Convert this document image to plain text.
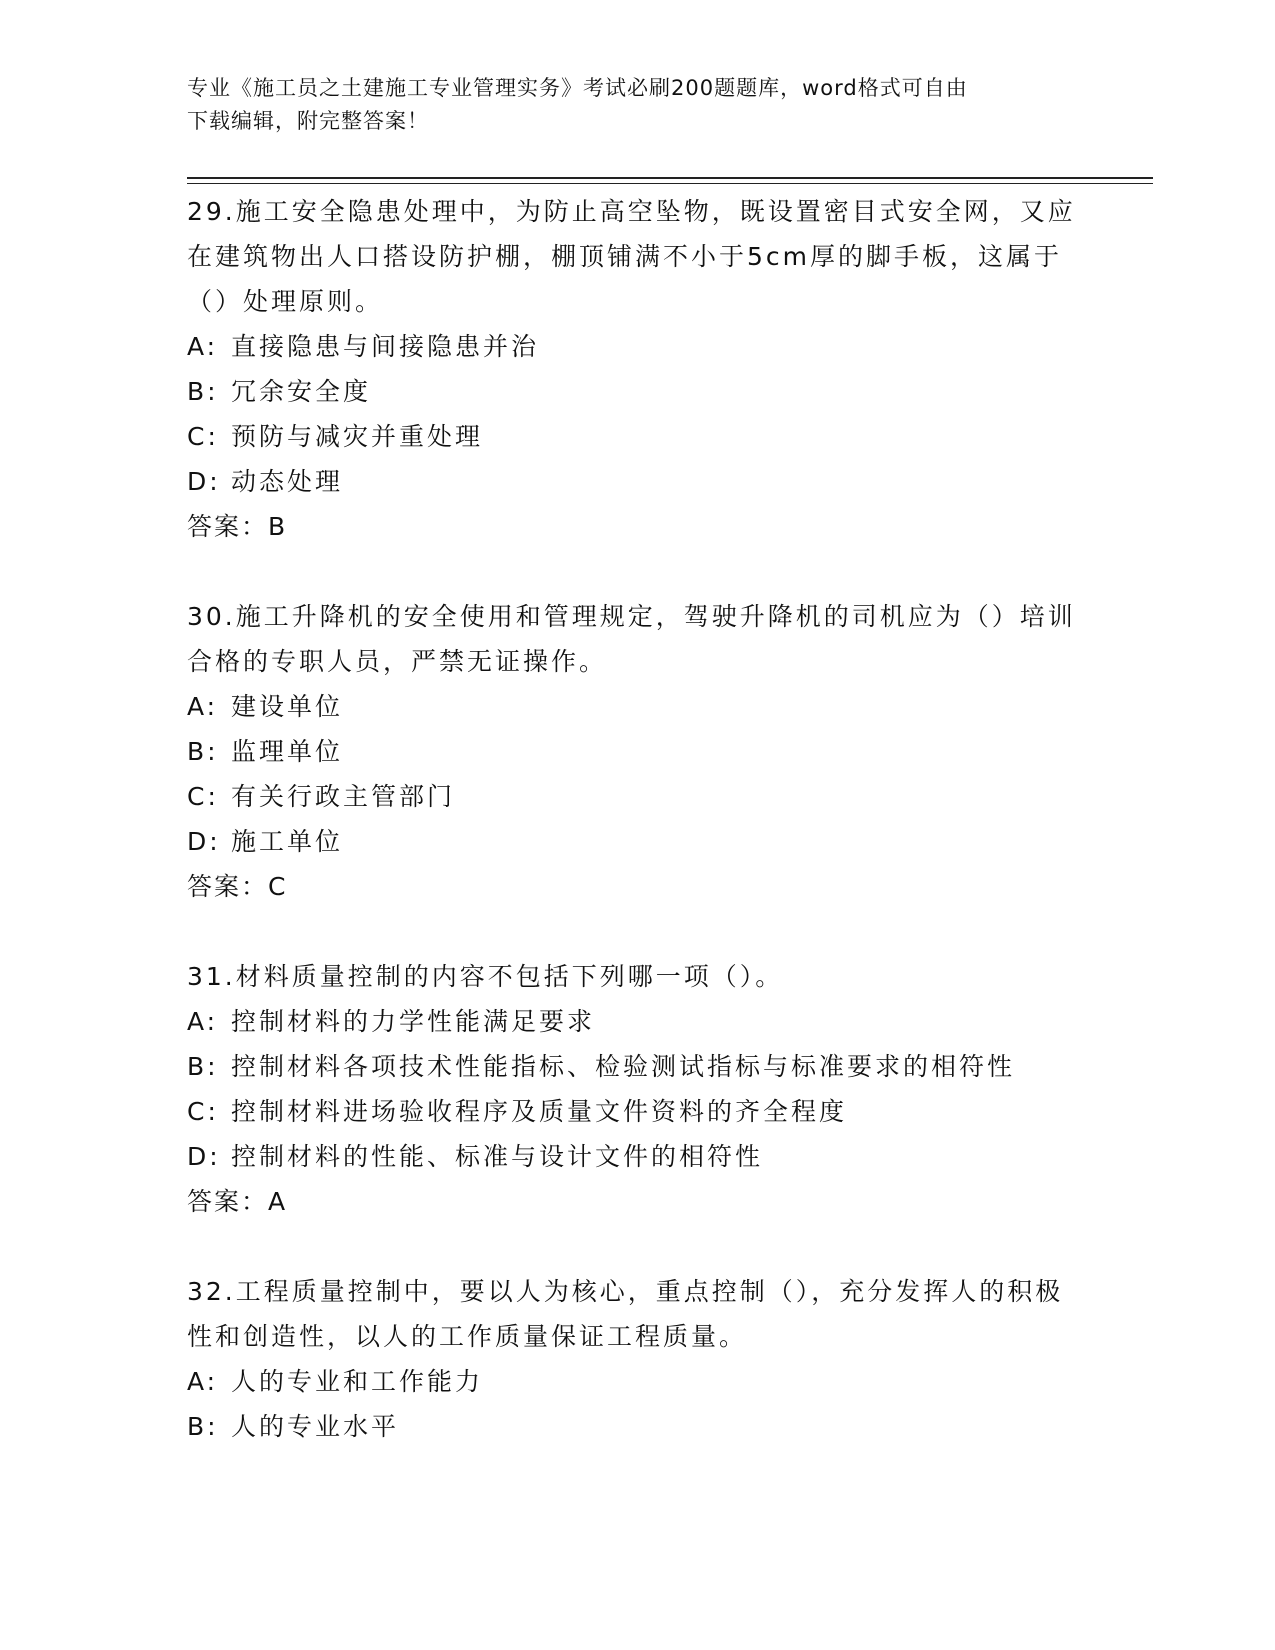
专业《施工员之土建施工专业管理实务》考试必刷200题题库，word格式可自由
下载编辑，附完整答案！

29.施工安全隐患处理中，为防止高空坠物，既设置密目式安全网，又应在建筑物出人口搭设防护棚，棚顶铺满不小于5cm厚的脚手板，这属于（）处理原则。

A: 直接隐患与间接隐患并治

B: 冗余安全度

C: 预防与减灾并重处理

D: 动态处理

答案：B

30.施工升降机的安全使用和管理规定，驾驶升降机的司机应为（）培训合格的专职人员，严禁无证操作。

A: 建设单位

B: 监理单位

C: 有关行政主管部门

D: 施工单位

答案：C

31.材料质量控制的内容不包括下列哪一项（）。

A: 控制材料的力学性能满足要求

B: 控制材料各项技术性能指标、检验测试指标与标准要求的相符性

C: 控制材料进场验收程序及质量文件资料的齐全程度

D: 控制材料的性能、标准与设计文件的相符性

答案：A

32.工程质量控制中，要以人为核心，重点控制（），充分发挥人的积极性和创造性，以人的工作质量保证工程质量。

A: 人的专业和工作能力

B: 人的专业水平
